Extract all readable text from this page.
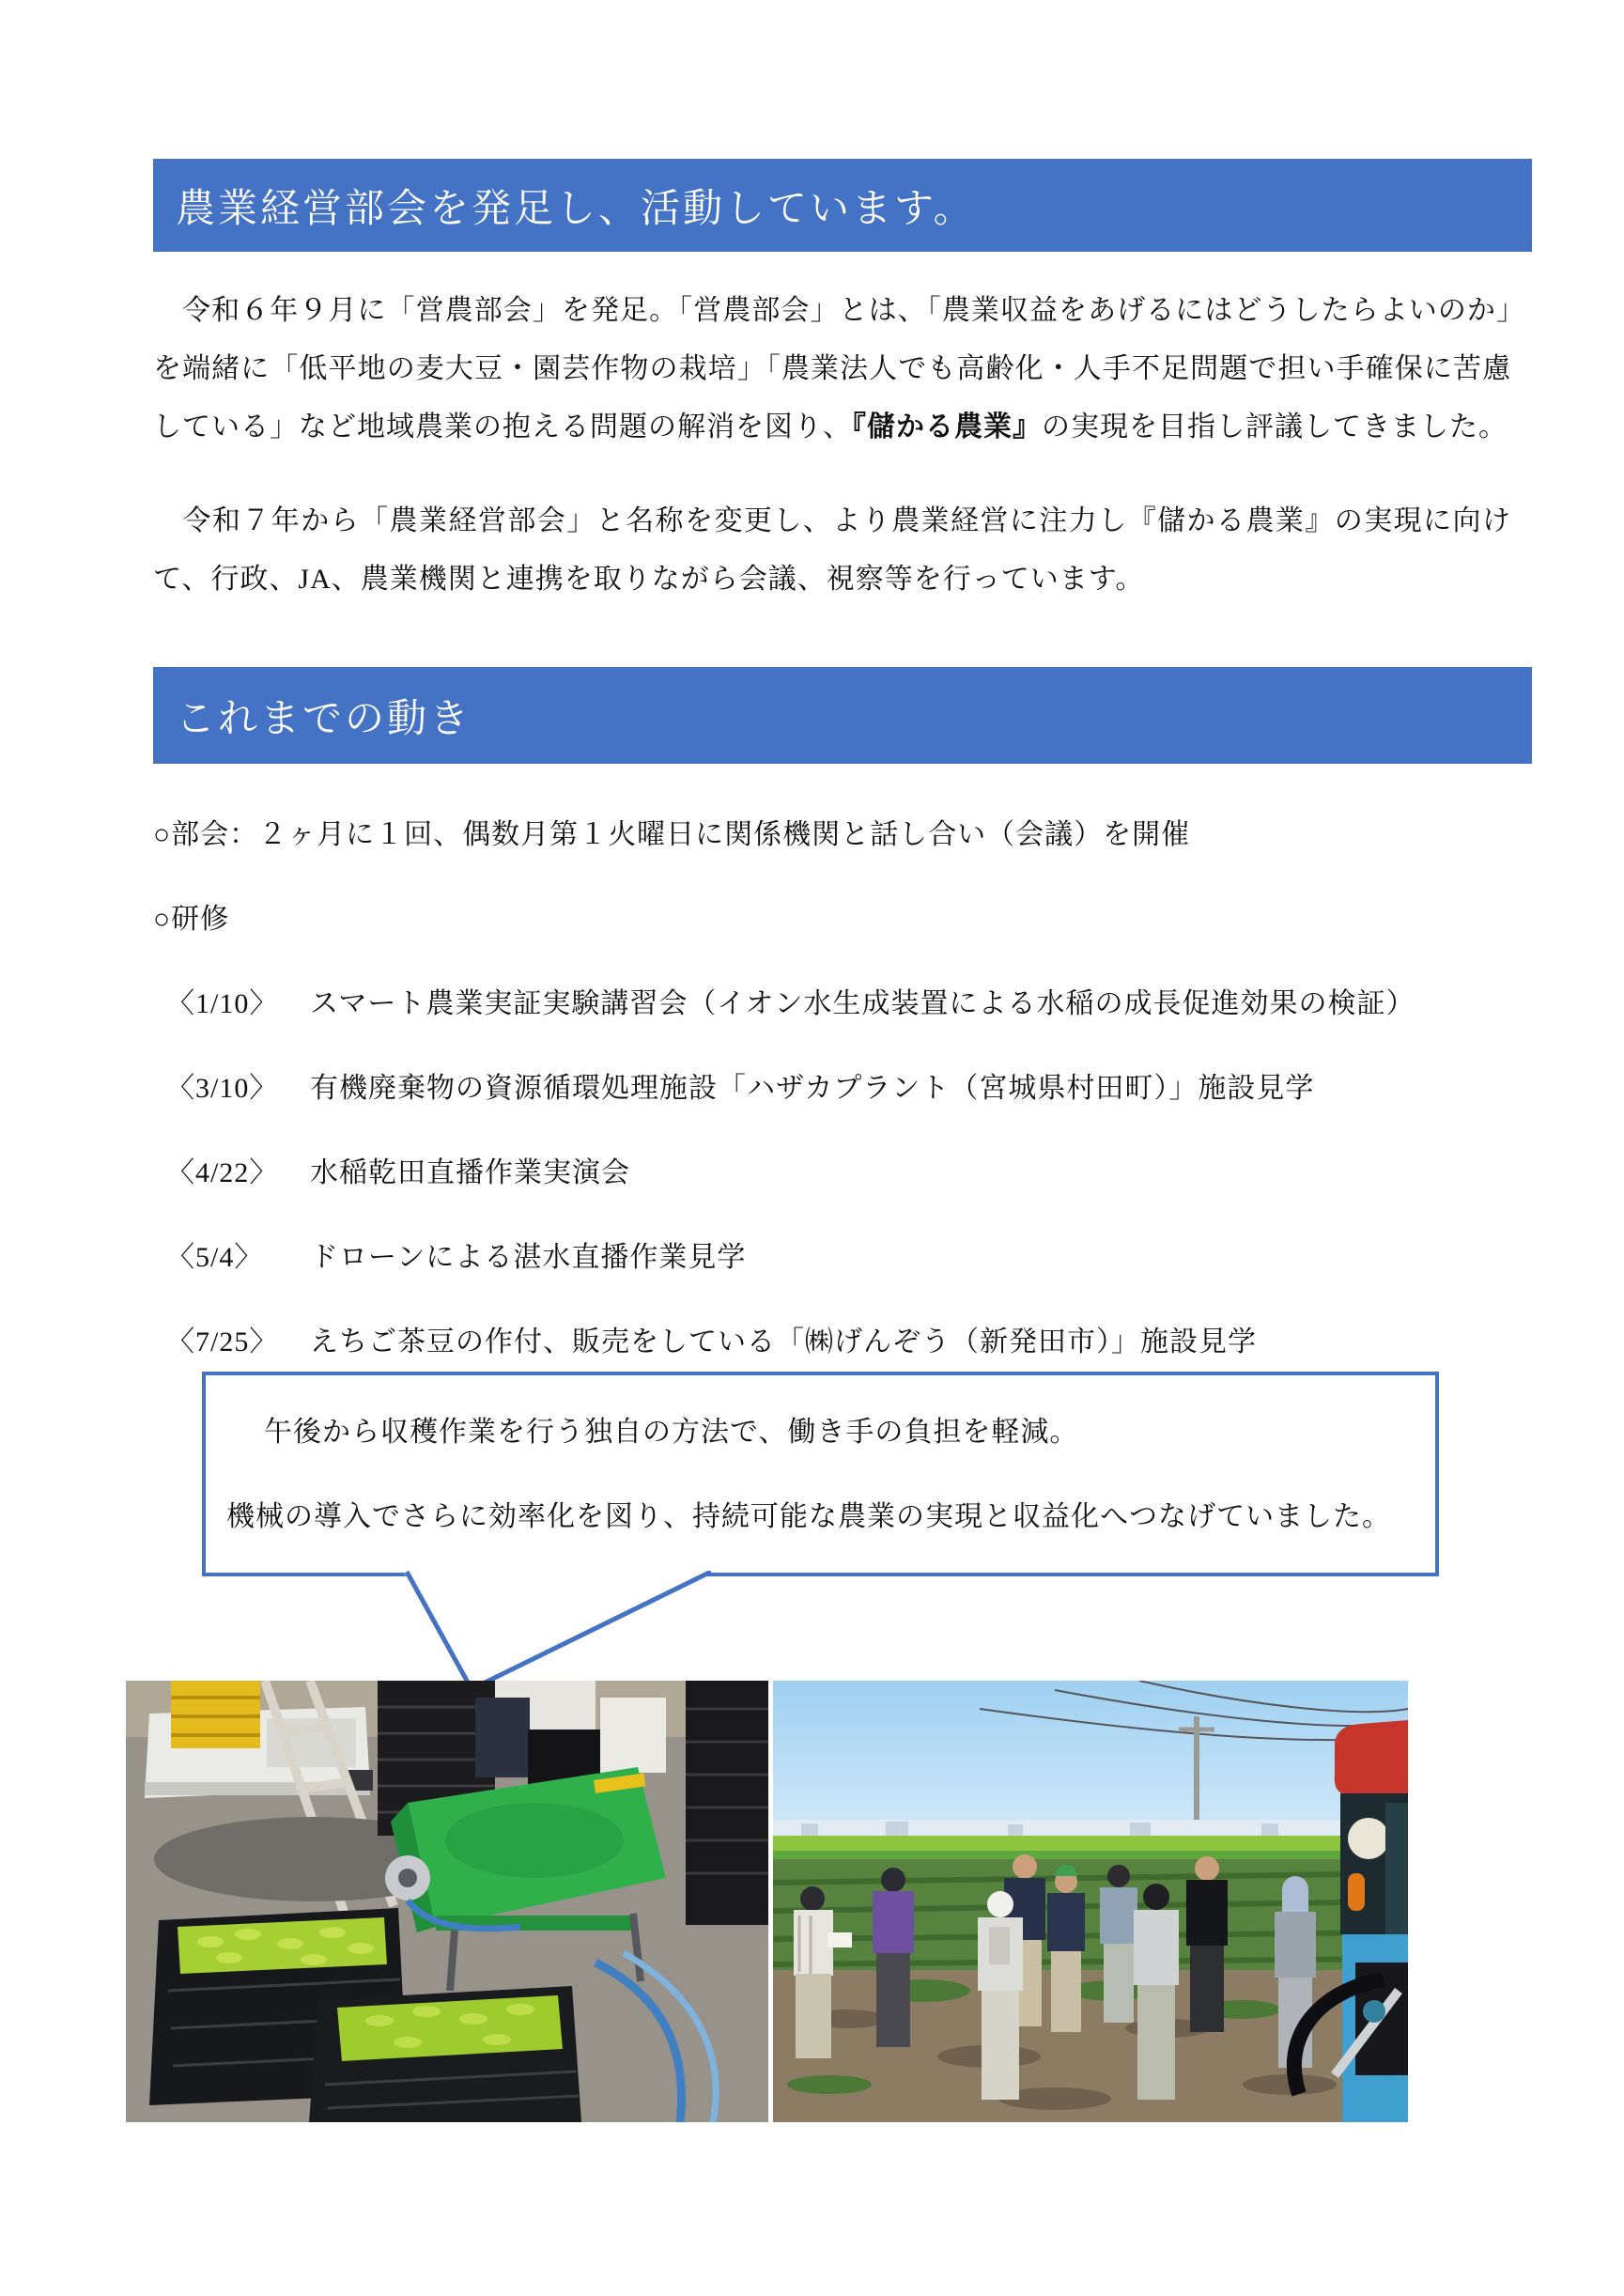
農業経営部会を発足し、活動しています。
　令和６年９月に「営農部会」を発足。「営農部会」とは、「農業収益をあげるにはどうしたらよいのか」を端緒に「低平地の麦大豆・園芸作物の栽培」「農業法人でも高齢化・人手不足問題で担い手確保に苦慮している」など地域農業の抱える問題の解消を図り、『儲かる農業』の実現を目指し評議してきました。
　令和７年から「農業経営部会」と名称を変更し、より農業経営に注力し『儲かる農業』の実現に向けて、行政、JA、農業機関と連携を取りながら会議、視察等を行っています。
これまでの動き
○部会：２ヶ月に１回、偶数月第１火曜日に関係機関と話し合い（会議）を開催
○研修
〈1/10〉 スマート農業実証実験講習会（イオン水生成装置による水稲の成長促進効果の検証）
〈3/10〉 有機廃棄物の資源循環処理施設「ハザカプラント（宮城県村田町）」施設見学
〈4/22〉 水稲乾田直播作業実演会
〈5/4〉 ドローンによる湛水直播作業見学
〈7/25〉 えちご茶豆の作付、販売をしている「㈱げんぞう（新発田市）」施設見学
午後から収穫作業を行う独自の方法で、働き手の負担を軽減。
機械の導入でさらに効率化を図り、持続可能な農業の実現と収益化へつなげていました。
